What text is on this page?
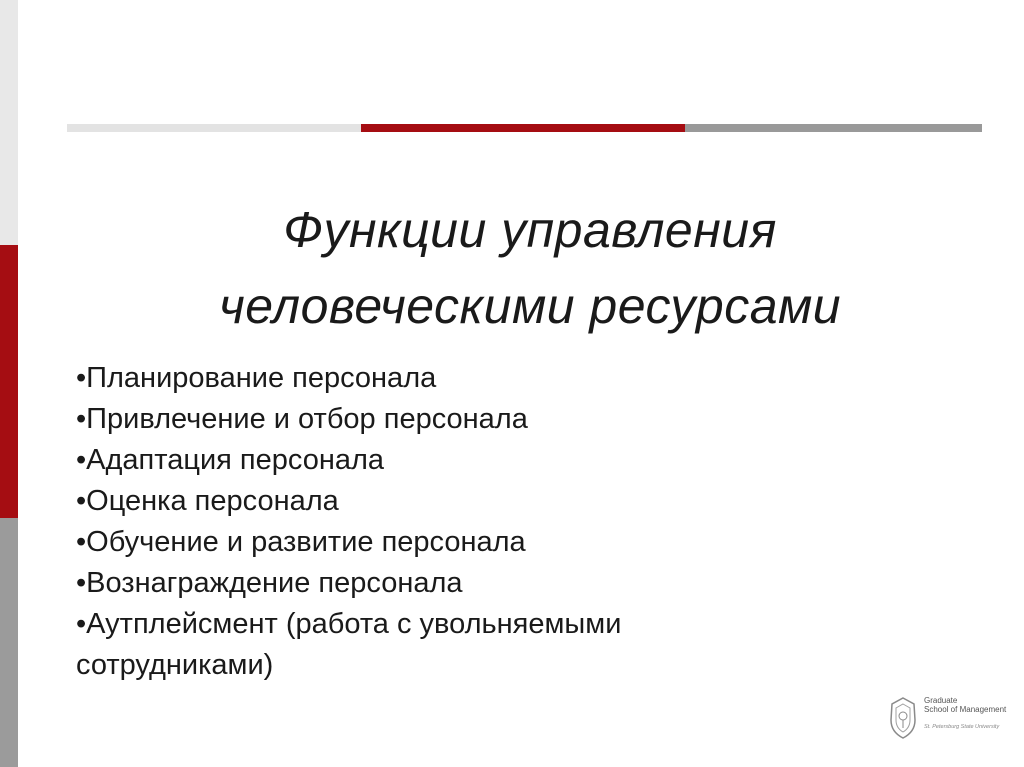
Функции управления
человеческими ресурсами
•Планирование персонала
•Привлечение и отбор персонала
•Адаптация персонала
•Оценка персонала
•Обучение и развитие персонала
•Вознаграждение персонала
•Аутплейсмент (работа с увольняемыми сотрудниками)
Graduate
School of Management
St. Petersburg State University
